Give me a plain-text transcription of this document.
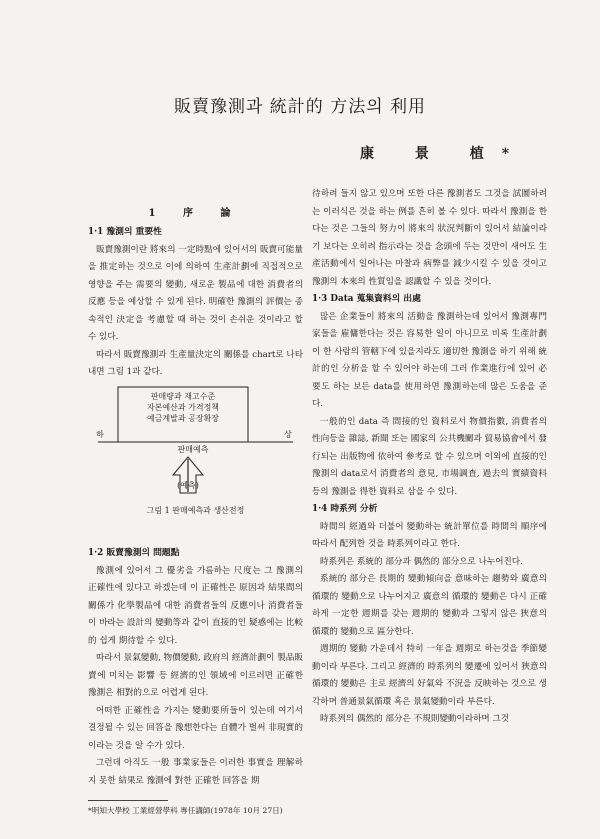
販賣豫測과 統計的 方法의 利用
康 景 植*
1 序 論
1·1 豫測의 重要性

販賣豫測이란 將來의 一定時點에 있어서의 販賣可能量을 推定하는 것으로 이에 의하여 生產計劃에 직접적으로 영향을 주는 需要의 變動, 새로운 製品에 대한 消費者의 反應 등을 예상할 수 있게 된다. 明確한 豫測의 評價는 종속적인 決定을 考慮할 때 하는 것이 손쉬운 것이라고 할 수 있다.

따라서 販賣豫測과 生產量決定의 關係를 chart로 나타내면 그림 1과 같다.

판매량과 재고수준
자본예산과 가격정책
예금계발과 공장확장
하	상
판매예측
(예측)
그림 1 판매예측과 생산전정
1·2 販賣豫測의 問題點

豫測에 있어서 그 優劣을 가름하는 尺度는 그 豫測의 正確性에 있다고 하겠는데 이 正確性은 原因과 結果間의 關係가 化學製品에 대한 消費者들의 反應이나 消費者들이 바라는 設計의 變動等과 같이 直接的인 疑惑에는 比較的 쉽게 期待할 수 있다.

따라서 景氣變動, 物價變動, 政府의 經濟計劃이 製品販賣에 미치는 影響 등 經濟的인 領域에 이르러면 正確한 豫測은 相對的으로 어렵게 된다.

어떠한 正確性을 가지는 變動要所들이 있는데 여기서 결정될 수 있는 回答을 豫想한다는 自體가 벌써 非現實的이라는 것을 알 수가 있다.

그런데 아직도 一般 事業家들은 이러한 事實을 理解하지 못한 結果로 豫測에 對한 正確한 回答을 期

待하려 들지 않고 있으며 또한 다른 豫測者도 그것을 試圖하려는 이러식은 것을 하는 例를 흔히 볼 수 있다. 따라서 豫測을 한다는 것은 그들의 努力이 將來의 狀況判斷이 있어서 結論이라기 보다는 오히려 指示라는 것을 念頭에 두는 것만이 새어도 生產活動에서 일어나는 마찰과 病弊를 減少시킬 수 있을 것이고 豫測의 本來의 性質임을 認識할 수 있을 것이다.

1·3 Data 蒐集資料의 出處

많은 企業들이 將來의 活動을 豫測하는데 있어서 豫測專門家들을 雇傭한다는 것은 容易한 일이 아니므로 비록 生產計劃이 한 사람의 管轄下에 있을지라도 適切한 豫測을 하기 위해 統計的인 分析을 할 수 있어야 하는데 그러 作業進行에 있어 必要도 하는 보든 data를 使用하면 豫測하는데 많은 도움을 준다.

一般的인 data 즉 間接的인 資料로서 物價指數, 消費者의 性向등을 雜誌, 新聞 또는 國家의 公共機關과 貿易協會에서 發行되는 出版物에 依하여 參考로 할 수 있으며 이외에 直接的인 豫測의 data로서 消費者의 意見, 市場調査, 過去의 實績資料 등의 豫測을 得한 資料로 삼을 수 있다.

1·4 時系列 分析

時間의 經過와 더불어 變動하는 統計單位를 時間의 順序에 따라서 配列한 것을 時系列이라고 한다.

時系列은 系統的 部分과 偶然的 部分으로 나누어진다.

系統的 部分은 長期的 變動傾向을 意味하는 趨勢와 廣意의 循環的 變動으로 나누어지고 廣意의 循環的 變動은 다시 正確하게 一定한 週期를 갖는 週期的 變動과 그렇지 않은 狹意의 循環的 變動으로 區分한다.

週期的 變動 가운데서 特히 一年을 週期로 하는것을 季節變動이라 부른다. 그리고 經濟的 時系列의 變遷에 있어서 狹意의 循環的 變動은 主로 經濟의 好氣와 不況을 反映하는 것으로 생각하며 普通景氣循環 혹은 景氣變動이라 부른다.

時系列의 偶然的 部分은 不規則變動이라하며 그것

*明知大學校 工業經營學科 專任講師(1978年 10月 27日)
